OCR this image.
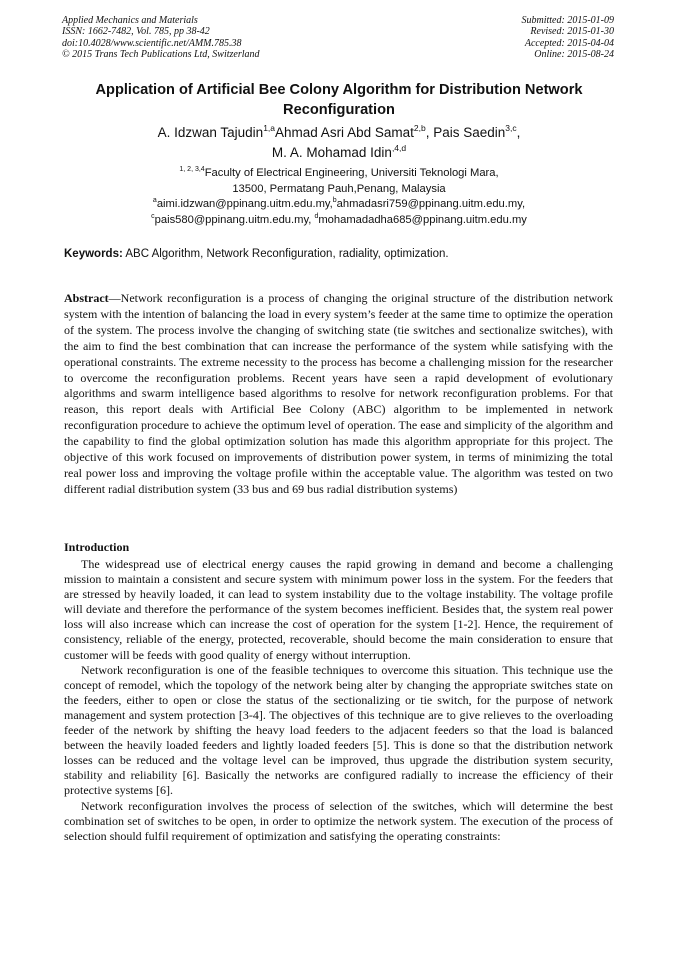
Applied Mechanics and Materials
ISSN: 1662-7482, Vol. 785, pp 38-42
doi:10.4028/www.scientific.net/AMM.785.38
© 2015 Trans Tech Publications Ltd, Switzerland
Submitted: 2015-01-09
Revised: 2015-01-30
Accepted: 2015-04-04
Online: 2015-08-24
Application of Artificial Bee Colony Algorithm for Distribution Network
Reconfiguration
A. Idzwan Tajudin$^{1,a}$Ahmad Asri Abd Samat$^{2,b}$, Pais Saedin$^{3,c}$,
M. A. Mohamad Idin$^{,4,d}$
$^{1, 2, 3,4}$Faculty of Electrical Engineering, Universiti Teknologi Mara,
13500, Permatang Pauh,Penang, Malaysia
$^a$aimi.idzwan@ppinang.uitm.edu.my,$^b$ahmadasri759@ppinang.uitm.edu.my,
$^c$pais580@ppinang.uitm.edu.my, $^d$mohamadadha685@ppinang.uitm.edu.my
Keywords: ABC Algorithm, Network Reconfiguration, radiality, optimization.

Abstract—Network reconfiguration is a process of changing the original structure of the distribution network system with the intention of balancing the load in every system’s feeder at the same time to optimize the operation of the system. The process involve the changing of switching state (tie switches and sectionalize switches), with the aim to find the best combination that can increase the performance of the system while satisfying with the operational constraints. The extreme necessity to the process has become a challenging mission for the researcher to overcome the reconfiguration problems. Recent years have seen a rapid development of evolutionary algorithms and swarm intelligence based algorithms to resolve for network reconfiguration problems. For that reason, this report deals with Artificial Bee Colony (ABC) algorithm to be implemented in network reconfiguration procedure to achieve the optimum level of operation. The ease and simplicity of the algorithm and the capability to find the global optimization solution has made this algorithm appropriate for this project. The objective of this work focused on improvements of distribution power system, in terms of minimizing the total real power loss and improving the voltage profile within the acceptable value. The algorithm was tested on two different radial distribution system (33 bus and 69 bus radial distribution systems)

Introduction

The widespread use of electrical energy causes the rapid growing in demand and become a challenging mission to maintain a consistent and secure system with minimum power loss in the system. For the feeders that are stressed by heavily loaded, it can lead to system instability due to the voltage instability. The voltage profile will deviate and therefore the performance of the system becomes inefficient. Besides that, the system real power loss will also increase which can increase the cost of operation for the system [1-2]. Hence, the requirement of consistency, reliable of the energy, protected, recoverable, should become the main consideration to ensure that customer will be feeds with good quality of energy without interruption.

Network reconfiguration is one of the feasible techniques to overcome this situation. This technique use the concept of remodel, which the topology of the network being alter by changing the appropriate switches state on the feeders, either to open or close the status of the sectionalizing or tie switch, for the purpose of network management and system protection [3-4]. The objectives of this technique are to give relieves to the overloading feeder of the network by shifting the heavy load feeders to the adjacent feeders so that the load is balanced between the heavily loaded feeders and lightly loaded feeders [5]. This is done so that the distribution network losses can be reduced and the voltage level can be improved, thus upgrade the distribution system security, stability and reliability [6]. Basically the networks are configured radially to increase the efficiency of their protective systems [6].

Network reconfiguration involves the process of selection of the switches, which will determine the best combination set of switches to be open, in order to optimize the network system. The execution of the process of selection should fulfil requirement of optimization and satisfying the operating constraints:
